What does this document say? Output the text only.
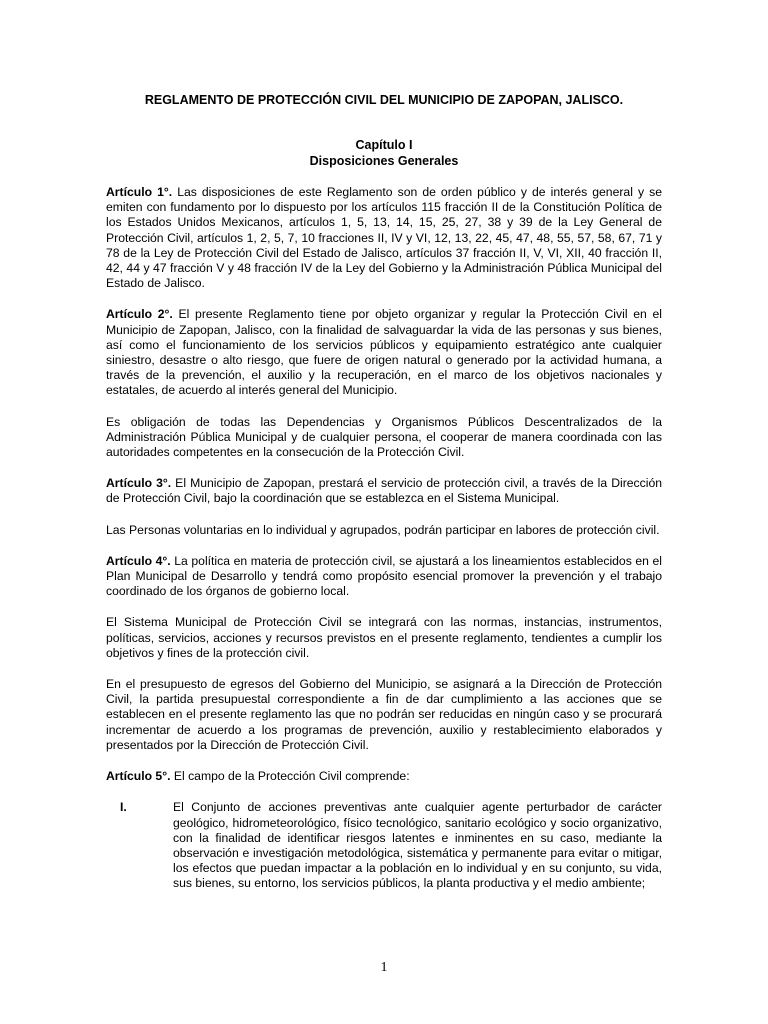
REGLAMENTO DE PROTECCIÓN CIVIL DEL MUNICIPIO DE ZAPOPAN, JALISCO.
Capítulo I
Disposiciones Generales

Artículo 1°. Las disposiciones de este Reglamento son de orden público y de interés general y se emiten con fundamento por lo dispuesto por los artículos 115 fracción II de la Constitución Política de los Estados Unidos Mexicanos, artículos 1, 5, 13, 14, 15, 25, 27, 38 y 39 de la Ley General de Protección Civil, artículos 1, 2, 5, 7, 10 fracciones II, IV y VI, 12, 13, 22, 45, 47, 48, 55, 57, 58, 67, 71 y 78 de la Ley de Protección Civil del Estado de Jalisco, artículos 37 fracción II, V, VI, XII, 40 fracción II, 42, 44 y 47 fracción V y 48 fracción IV de la Ley del Gobierno y la Administración Pública Municipal del Estado de Jalisco.

Artículo 2°. El presente Reglamento tiene por objeto organizar y regular la Protección Civil en el Municipio de Zapopan, Jalisco, con la finalidad de salvaguardar la vida de las personas y sus bienes, así como el funcionamiento de los servicios públicos y equipamiento estratégico ante cualquier siniestro, desastre o alto riesgo, que fuere de origen natural o generado por la actividad humana, a través de la prevención, el auxilio y la recuperación, en el marco de los objetivos nacionales y estatales, de acuerdo al interés general del Municipio.

Es obligación de todas las Dependencias y Organismos Públicos Descentralizados de la Administración Pública Municipal y de cualquier persona, el cooperar de manera coordinada con las autoridades competentes en la consecución de la Protección Civil.

Artículo 3°. El Municipio de Zapopan, prestará el servicio de protección civil, a través de la Dirección de Protección Civil, bajo la coordinación que se establezca en el Sistema Municipal.

Las Personas voluntarias en lo individual y agrupados, podrán participar en labores de protección civil.

Artículo 4°. La política en materia de protección civil, se ajustará a los lineamientos establecidos en el Plan Municipal de Desarrollo y tendrá como propósito esencial promover la prevención y el trabajo coordinado de los órganos de gobierno local.

El Sistema Municipal de Protección Civil se integrará con las normas, instancias, instrumentos, políticas, servicios, acciones y recursos previstos en el presente reglamento, tendientes a cumplir los objetivos y fines de la protección civil.

En el presupuesto de egresos del Gobierno del Municipio, se asignará a la Dirección de Protección Civil, la partida presupuestal correspondiente a fin de dar cumplimiento a las acciones que se establecen en el presente reglamento las que no podrán ser reducidas en ningún caso y se procurará incrementar de acuerdo a los programas de prevención, auxilio y restablecimiento elaborados y presentados por la Dirección de Protección Civil.

Artículo 5°. El campo de la Protección Civil comprende:

I.	El Conjunto de acciones preventivas ante cualquier agente perturbador de carácter geológico, hidrometeorológico, físico tecnológico, sanitario ecológico y socio organizativo, con la finalidad de identificar riesgos latentes e inminentes en su caso, mediante la observación e investigación metodológica, sistemática y permanente para evitar o mitigar, los efectos que puedan impactar a la población en lo individual y en su conjunto, su vida, sus bienes, su entorno, los servicios públicos, la planta productiva y el medio ambiente;
1
